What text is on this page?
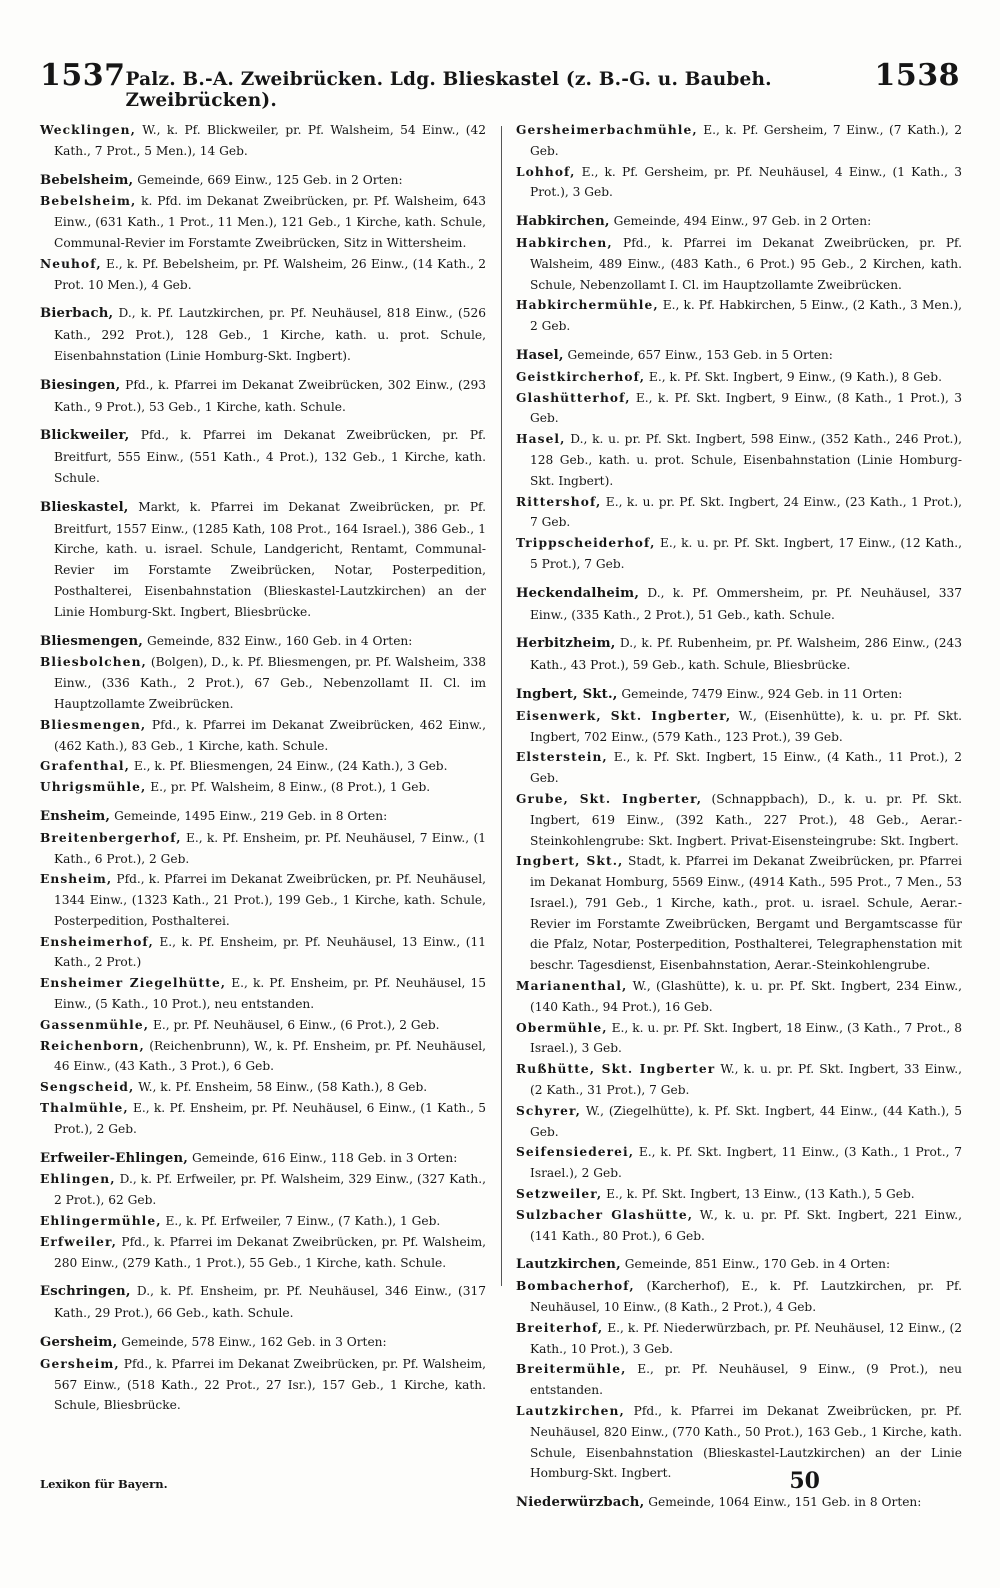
1537 Palz. B.-A. Zweibrücken. Ldg. Blieskastel (z. B.-G. u. Baubeh. Zweibrücken).
1538

Wecklingen, W., k. Pf. Blickweiler, pr. Pf. Walsheim, 54 Einw., (42 Kath., 7 Prot., 5 Men.), 14 Geb.

Bebelsheim, Gemeinde, 669 Einw., 125 Geb. in 2 Orten:

Bebelsheim, k. Pfd. im Dekanat Zweibrücken, pr. Pf. Walsheim, 643 Einw., (631 Kath., 1 Prot., 11 Men.), 121 Geb., 1 Kirche, kath. Schule, Communal-Revier im Forstamte Zweibrücken, Sitz in Wittersheim.

Neuhof, E., k. Pf. Bebelsheim, pr. Pf. Walsheim, 26 Einw., (14 Kath., 2 Prot. 10 Men.), 4 Geb.

Bierbach, D., k. Pf. Lautzkirchen, pr. Pf. Neuhäusel, 818 Einw., (526 Kath., 292 Prot.), 128 Geb., 1 Kirche, kath. u. prot. Schule, Eisenbahnstation (Linie Homburg-Skt. Ingbert).

Biesingen, Pfd., k. Pfarrei im Dekanat Zweibrücken, 302 Einw., (293 Kath., 9 Prot.), 53 Geb., 1 Kirche, kath. Schule.

Blickweiler, Pfd., k. Pfarrei im Dekanat Zweibrücken, pr. Pf. Breitfurt, 555 Einw., (551 Kath., 4 Prot.), 132 Geb., 1 Kirche, kath. Schule.

Blieskastel, Markt, k. Pfarrei im Dekanat Zweibrücken, pr. Pf. Breitfurt, 1557 Einw., (1285 Kath, 108 Prot., 164 Israel.), 386 Geb., 1 Kirche, kath. u. israel. Schule, Landgericht, Rentamt, Communal-Revier im Forstamte Zweibrücken, Notar, Posterpedition, Posthalterei, Eisenbahnstation (Blieskastel-Lautzkirchen) an der Linie Homburg-Skt. Ingbert, Bliesbrücke.

Bliesmengen, Gemeinde, 832 Einw., 160 Geb. in 4 Orten:

Bliesbolchen, (Bolgen), D., k. Pf. Bliesmengen, pr. Pf. Walsheim, 338 Einw., (336 Kath., 2 Prot.), 67 Geb., Nebenzollamt II. Cl. im Hauptzollamte Zweibrücken.

Bliesmengen, Pfd., k. Pfarrei im Dekanat Zweibrücken, 462 Einw., (462 Kath.), 83 Geb., 1 Kirche, kath. Schule.

Grafenthal, E., k. Pf. Bliesmengen, 24 Einw., (24 Kath.), 3 Geb.

Uhrigsmühle, E., pr. Pf. Walsheim, 8 Einw., (8 Prot.), 1 Geb.

Ensheim, Gemeinde, 1495 Einw., 219 Geb. in 8 Orten:

Breitenbergerhof, E., k. Pf. Ensheim, pr. Pf. Neuhäusel, 7 Einw., (1 Kath., 6 Prot.), 2 Geb.

Ensheim, Pfd., k. Pfarrei im Dekanat Zweibrücken, pr. Pf. Neuhäusel, 1344 Einw., (1323 Kath., 21 Prot.), 199 Geb., 1 Kirche, kath. Schule, Posterpedition, Posthalterei.

Ensheimerhof, E., k. Pf. Ensheim, pr. Pf. Neuhäusel, 13 Einw., (11 Kath., 2 Prot.)

Ensheimer Ziegelhütte, E., k. Pf. Ensheim, pr. Pf. Neuhäusel, 15 Einw., (5 Kath., 10 Prot.), neu entstanden.

Gassenmühle, E., pr. Pf. Neuhäusel, 6 Einw., (6 Prot.), 2 Geb.

Reichenborn, (Reichenbrunn), W., k. Pf. Ensheim, pr. Pf. Neuhäusel, 46 Einw., (43 Kath., 3 Prot.), 6 Geb.

Sengscheid, W., k. Pf. Ensheim, 58 Einw., (58 Kath.), 8 Geb.

Thalmühle, E., k. Pf. Ensheim, pr. Pf. Neuhäusel, 6 Einw., (1 Kath., 5 Prot.), 2 Geb.

Erfweiler-Ehlingen, Gemeinde, 616 Einw., 118 Geb. in 3 Orten:

Ehlingen, D., k. Pf. Erfweiler, pr. Pf. Walsheim, 329 Einw., (327 Kath., 2 Prot.), 62 Geb.

Ehlingermühle, E., k. Pf. Erfweiler, 7 Einw., (7 Kath.), 1 Geb.

Erfweiler, Pfd., k. Pfarrei im Dekanat Zweibrücken, pr. Pf. Walsheim, 280 Einw., (279 Kath., 1 Prot.), 55 Geb., 1 Kirche, kath. Schule.

Eschringen, D., k. Pf. Ensheim, pr. Pf. Neuhäusel, 346 Einw., (317 Kath., 29 Prot.), 66 Geb., kath. Schule.

Gersheim, Gemeinde, 578 Einw., 162 Geb. in 3 Orten:

Gersheim, Pfd., k. Pfarrei im Dekanat Zweibrücken, pr. Pf. Walsheim, 567 Einw., (518 Kath., 22 Prot., 27 Isr.), 157 Geb., 1 Kirche, kath. Schule, Bliesbrücke.

Gersheimerbachmühle, E., k. Pf. Gersheim, 7 Einw., (7 Kath.), 2 Geb.

Lohhof, E., k. Pf. Gersheim, pr. Pf. Neuhäusel, 4 Einw., (1 Kath., 3 Prot.), 3 Geb.

Habkirchen, Gemeinde, 494 Einw., 97 Geb. in 2 Orten:

Habkirchen, Pfd., k. Pfarrei im Dekanat Zweibrücken, pr. Pf. Walsheim, 489 Einw., (483 Kath., 6 Prot.) 95 Geb., 2 Kirchen, kath. Schule, Nebenzollamt I. Cl. im Hauptzollamte Zweibrücken.

Habkirchermühle, E., k. Pf. Habkirchen, 5 Einw., (2 Kath., 3 Men.), 2 Geb.

Hasel, Gemeinde, 657 Einw., 153 Geb. in 5 Orten:

Geistkircherhof, E., k. Pf. Skt. Ingbert, 9 Einw., (9 Kath.), 8 Geb.

Glashütterhof, E., k. Pf. Skt. Ingbert, 9 Einw., (8 Kath., 1 Prot.), 3 Geb.

Hasel, D., k. u. pr. Pf. Skt. Ingbert, 598 Einw., (352 Kath., 246 Prot.), 128 Geb., kath. u. prot. Schule, Eisenbahnstation (Linie Homburg-Skt. Ingbert).

Rittershof, E., k. u. pr. Pf. Skt. Ingbert, 24 Einw., (23 Kath., 1 Prot.), 7 Geb.

Trippscheiderhof, E., k. u. pr. Pf. Skt. Ingbert, 17 Einw., (12 Kath., 5 Prot.), 7 Geb.

Heckendalheim, D., k. Pf. Ommersheim, pr. Pf. Neuhäusel, 337 Einw., (335 Kath., 2 Prot.), 51 Geb., kath. Schule.

Herbitzheim, D., k. Pf. Rubenheim, pr. Pf. Walsheim, 286 Einw., (243 Kath., 43 Prot.), 59 Geb., kath. Schule, Bliesbrücke.

Ingbert, Skt., Gemeinde, 7479 Einw., 924 Geb. in 11 Orten:

Eisenwerk, Skt. Ingberter, W., (Eisenhütte), k. u. pr. Pf. Skt. Ingbert, 702 Einw., (579 Kath., 123 Prot.), 39 Geb.

Elsterstein, E., k. Pf. Skt. Ingbert, 15 Einw., (4 Kath., 11 Prot.), 2 Geb.

Grube, Skt. Ingberter, (Schnappbach), D., k. u. pr. Pf. Skt. Ingbert, 619 Einw., (392 Kath., 227 Prot.), 48 Geb., Aerar.-Steinkohlengrube: Skt. Ingbert. Privat-Eisensteingrube: Skt. Ingbert.

Ingbert, Skt., Stadt, k. Pfarrei im Dekanat Zweibrücken, pr. Pfarrei im Dekanat Homburg, 5569 Einw., (4914 Kath., 595 Prot., 7 Men., 53 Israel.), 791 Geb., 1 Kirche, kath., prot. u. israel. Schule, Aerar.-Revier im Forstamte Zweibrücken, Bergamt und Bergamtscasse für die Pfalz, Notar, Posterpedition, Posthalterei, Telegraphenstation mit beschr. Tagesdienst, Eisenbahnstation, Aerar.-Steinkohlengrube.

Marianenthal, W., (Glashütte), k. u. pr. Pf. Skt. Ingbert, 234 Einw., (140 Kath., 94 Prot.), 16 Geb.

Obermühle, E., k. u. pr. Pf. Skt. Ingbert, 18 Einw., (3 Kath., 7 Prot., 8 Israel.), 3 Geb.

Rußhütte, Skt. Ingberter W., k. u. pr. Pf. Skt. Ingbert, 33 Einw., (2 Kath., 31 Prot.), 7 Geb.

Schyrer, W., (Ziegelhütte), k. Pf. Skt. Ingbert, 44 Einw., (44 Kath.), 5 Geb.

Seifensiederei, E., k. Pf. Skt. Ingbert, 11 Einw., (3 Kath., 1 Prot., 7 Israel.), 2 Geb.

Setzweiler, E., k. Pf. Skt. Ingbert, 13 Einw., (13 Kath.), 5 Geb.

Sulzbacher Glashütte, W., k. u. pr. Pf. Skt. Ingbert, 221 Einw., (141 Kath., 80 Prot.), 6 Geb.

Lautzkirchen, Gemeinde, 851 Einw., 170 Geb. in 4 Orten:

Bombacherhof, (Karcherhof), E., k. Pf. Lautzkirchen, pr. Pf. Neuhäusel, 10 Einw., (8 Kath., 2 Prot.), 4 Geb.

Breiterhof, E., k. Pf. Niederwürzbach, pr. Pf. Neuhäusel, 12 Einw., (2 Kath., 10 Prot.), 3 Geb.

Breitermühle, E., pr. Pf. Neuhäusel, 9 Einw., (9 Prot.), neu entstanden.

Lautzkirchen, Pfd., k. Pfarrei im Dekanat Zweibrücken, pr. Pf. Neuhäusel, 820 Einw., (770 Kath., 50 Prot.), 163 Geb., 1 Kirche, kath. Schule, Eisenbahnstation (Blieskastel-Lautzkirchen) an der Linie Homburg-Skt. Ingbert.

Niederwürzbach, Gemeinde, 1064 Einw., 151 Geb. in 8 Orten:

Lexikon für Bayern.	50
